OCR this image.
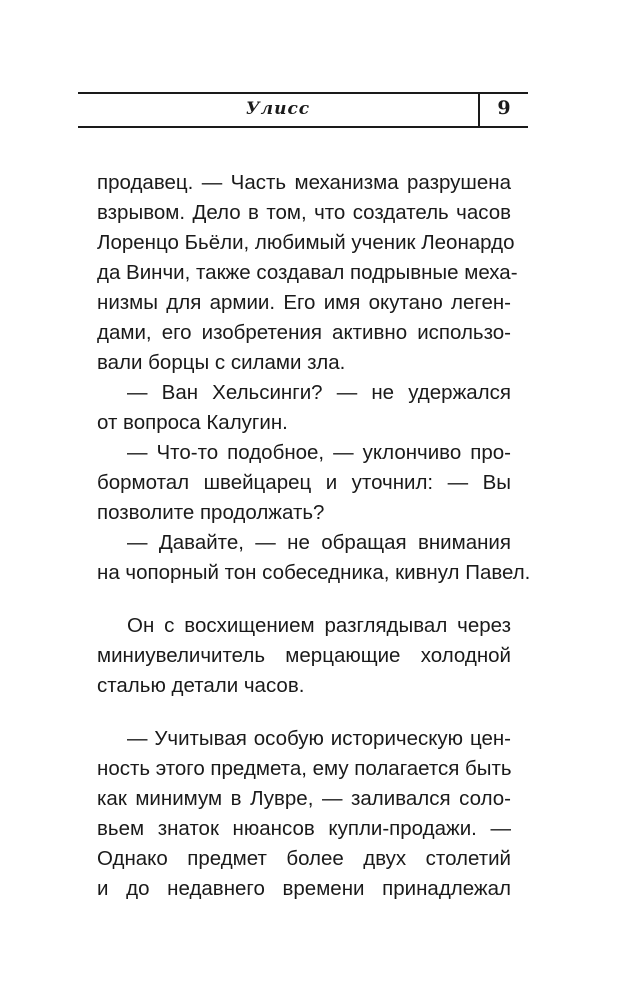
Улисс	9
продавец. — Часть механизма разрушена
взрывом. Дело в том, что создатель часов
Лоренцо Бьёли, любимый ученик Леонардо
да Винчи, также создавал подрывные меха-
низмы для армии. Его имя окутано леген-
дами, его изобретения активно использо-
вали борцы с силами зла.
— Ван Хельсинги? — не удержался
от вопроса Калугин.
— Что-то подобное, — уклончиво про-
бормотал швейцарец и уточнил: — Вы
позволите продолжать?
— Давайте, — не обращая внимания
на чопорный тон собеседника, кивнул Павел.
Он с восхищением разглядывал через
миниувеличитель мерцающие холодной
сталью детали часов.
— Учитывая особую историческую цен-
ность этого предмета, ему полагается быть
как минимум в Лувре, — заливался соло-
вьем знаток нюансов купли-продажи. —
Однако предмет более двух столетий
и до недавнего времени принадлежал
